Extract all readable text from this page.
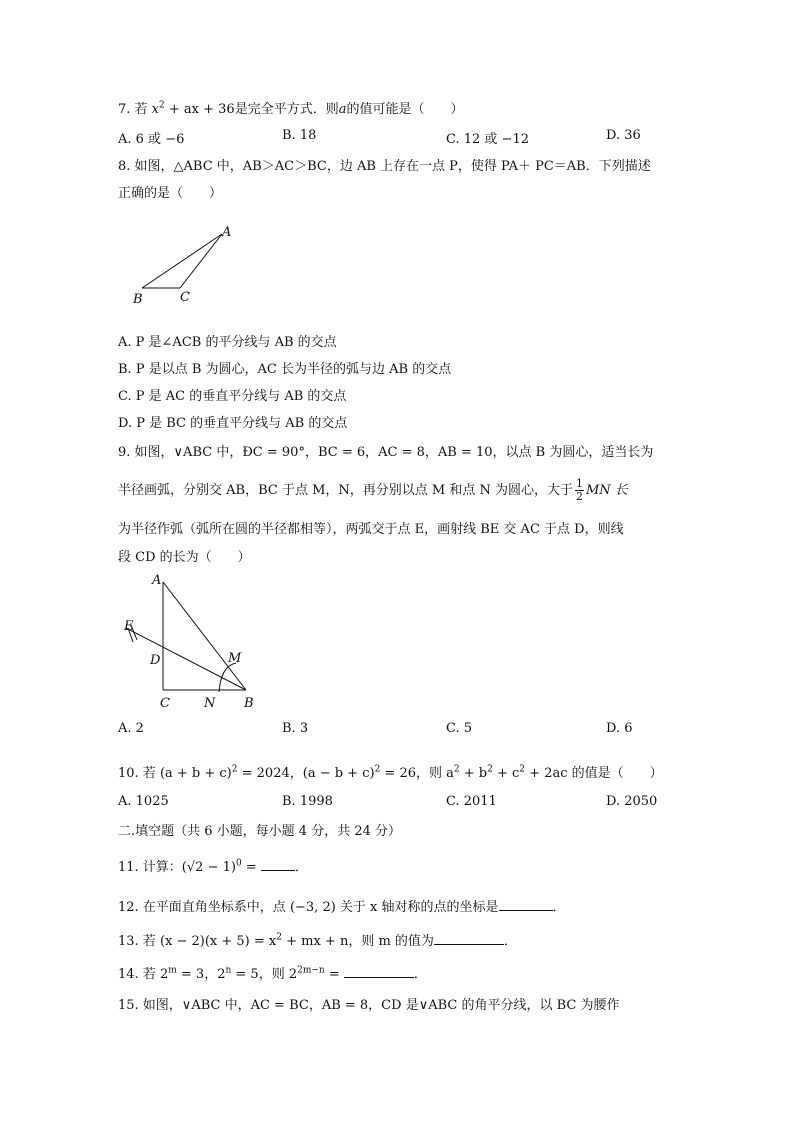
7. 若 $x^2$ + ax + 36是完全平方式．则a的值可能是（　　）
A. 6 或 −6	B. 18	C. 12 或 −12	D. 36
8. 如图，△ABC 中，AB＞AC＞BC，边 AB 上存在一点 P，使得 PA＋ PC＝AB．下列描述
正确的是（　　）
A
B	C
A. P 是∠ACB 的平分线与 AB 的交点
B. P 是以点 B 为圆心，AC 长为半径的弧与边 AB 的交点
C. P 是 AC 的垂直平分线与 AB 的交点
D. P 是 BC 的垂直平分线与 AB 的交点
9. 如图，∨ABC 中，ÐC = 90°，BC = 6，AC = 8，AB = 10，以点 B 为圆心，适当长为
半径画弧，分别交 AB，BC 于点 M，N，再分别以点 M 和点 N 为圆心，大于 $\frac{1}{2}$ MN 长
为半径作弧（弧所在圆的半径都相等），两弧交于点 E，画射线 BE 交 AC 于点 D，则线
段 CD 的长为（　　）
A
E
D	M
C	N B
A. 2	B. 3	C. 5	D. 6
10. 若 $(a + b + c)^2 = 2024$，$(a - b + c)^2 = 26$，则 $a^2 + b^2 + c^2 + 2ac$ 的值是（　　）
A. 1025	B. 1998	C. 2011	D. 2050
二.填空题（共 6 小题，每小题 4 分，共 24 分）
11. 计算：$(√2 - 1)^0$ =	．
12. 在平面直角坐标系中，点 (−3, 2) 关于 x 轴对称的点的坐标是	．
13. 若 $(x - 2)(x + 5) = x^2$ + mx + n，则 m 的值为	．
14. 若 $2^m = 3$，$2^n = 5$，则 $2^{2m-n}$ =	．
15. 如图，∨ABC 中，AC = BC，AB = 8，CD 是∨ABC 的角平分线，以 BC 为腰作
